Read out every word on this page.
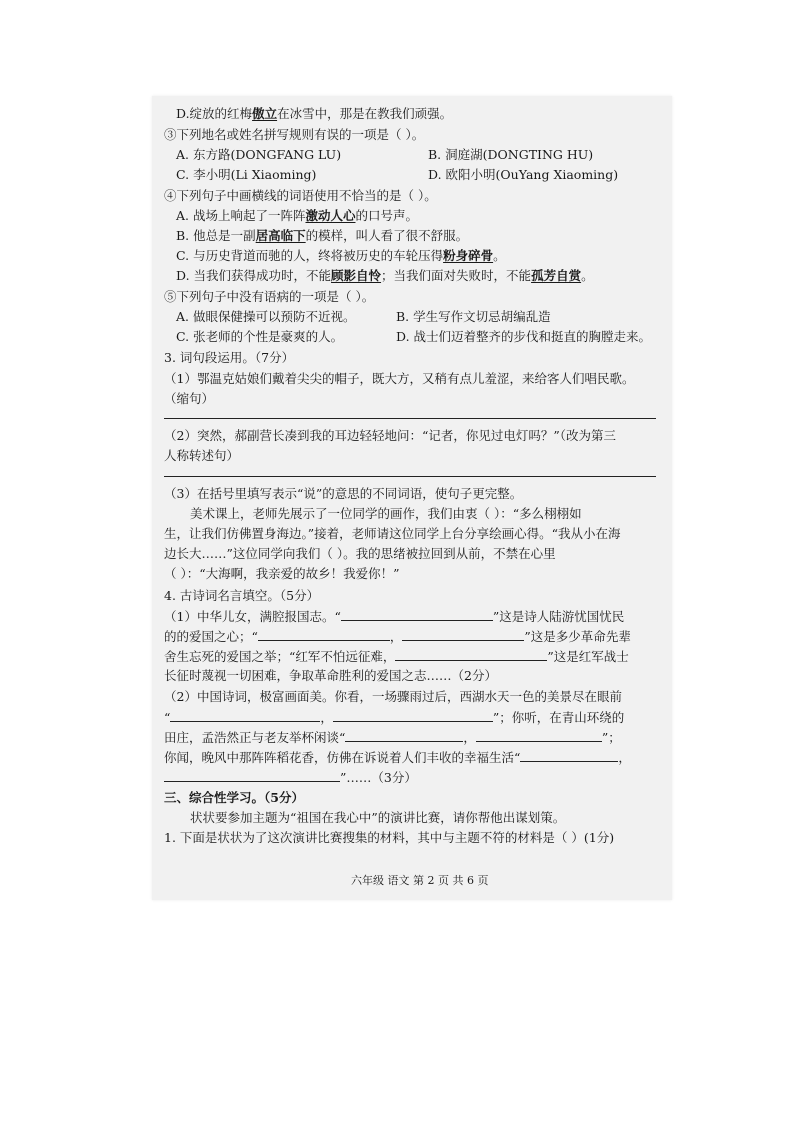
D.绽放的红梅傲立在冰雪中，那是在教我们顽强。
③下列地名或姓名拼写规则有误的一项是（ ）。
A. 东方路(DONGFANG LU)	B. 洞庭湖(DONGTING HU)
C. 李小明(Li Xiaoming)	D. 欧阳小明(OuYang Xiaoming)
④下列句子中画横线的词语使用不恰当的是（ ）。
A. 战场上响起了一阵阵激动人心的口号声。
B. 他总是一副居高临下的模样，叫人看了很不舒服。
C. 与历史背道而驰的人，终将被历史的车轮压得粉身碎骨。
D. 当我们获得成功时，不能顾影自怜；当我们面对失败时，不能孤芳自赏。
⑤下列句子中没有语病的一项是（ ）。
A. 做眼保健操可以预防不近视。	B. 学生写作文切忌胡编乱造
C. 张老师的个性是豪爽的人。	D. 战士们迈着整齐的步伐和挺直的胸膛走来。
3. 词句段运用。（7分）
（1）鄂温克姑娘们戴着尖尖的帽子，既大方，又稍有点儿羞涩，来给客人们唱民歌。
（缩句）
（2）突然，郝副营长凑到我的耳边轻轻地问：“记者，你见过电灯吗？”（改为第三
人称转述句）
（3）在括号里填写表示“说”的意思的不同词语，使句子更完整。
美术课上，老师先展示了一位同学的画作，我们由衷（ ）：“多么栩栩如
生，让我们仿佛置身海边。”接着，老师请这位同学上台分享绘画心得。“我从小在海
边长大……”这位同学向我们（ ）。我的思绪被拉回到从前，不禁在心里
（ ）：“大海啊，我亲爱的故乡！我爱你！”
4. 古诗词名言填空。（5分）
（1）中华儿女，满腔报国志。“	”这是诗人陆游忧国忧民
的的爱国之心；“	，	”这是多少革命先辈
舍生忘死的爱国之举；“红军不怕远征难，	”这是红军战士
长征时蔑视一切困难，争取革命胜利的爱国之志……（2分）
（2）中国诗词，极富画面美。你看，一场骤雨过后，西湖水天一色的美景尽在眼前
“	，	”；你听，在青山环绕的
田庄，孟浩然正与老友举杯闲谈“	，	”；
你闻，晚风中那阵阵稻花香，仿佛在诉说着人们丰收的幸福生活“	，
”……（3分）
三、综合性学习。（5分）
状状要参加主题为“祖国在我心中”的演讲比赛，请你帮他出谋划策。
1. 下面是状状为了这次演讲比赛搜集的材料，其中与主题不符的材料是（ ）(1分)
六年级 语文 第 2 页 共 6 页
